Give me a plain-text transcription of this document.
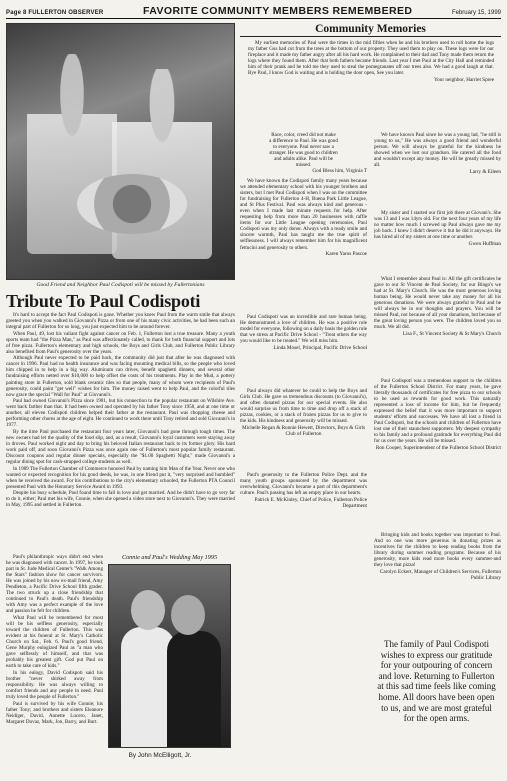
Page 8 FULLERTON OBSERVER	FAVORITE COMMUNITY MEMBERS REMEMBERED	February 15, 1999
Good Friend and Neighbor Paul Codispoti will be missed by Fullertonians
Tribute To Paul Codispoti

It's hard to accept the fact Paul Codispoti is gone. Whether you knew Paul from the warm smile that always greeted you when you walked in Giovanni's Pizza or from one of his many civic activities, he had been such an integral part of Fullerton for so long, you just expected him to be around forever.

When Paul, 49, lost his valiant fight against cancer on Feb. 1, Fullerton lost a true treasure. Many a youth sports team had "the Pizza Man," as Paul was affectionately called, to thank for both financial support and lots of free pizza. Fullerton's elementary and high schools, the Boys and Girls Club, and Fullerton Public Library also benefited from Paul's generosity over the years.

Although Paul never expected to be paid back, the community did just that after he was diagnosed with cancer in 1996. Paul had no health insurance and was facing mounting medical bills, so the people who loved him chipped in to help in a big way. Aluminum can drives, benefit spaghetti dinners, and several other fundraising efforts netted over $10,000 to help offset the costs of his treatments. Play in the Mud, a pottery painting store in Fullerton, sold blank ceramic tiles so that people, many of whom were recipients of Paul's generosity, could paint "get well" wishes for him. The money raised went to help Paul, and the colorful tiles now grace the special "Wall for Paul" at Giovanni's.

Paul had owned Giovanni's Pizza since 1981, but his connection to the popular restaurant on Wilshire Ave. went back farther than that. It had been owned and operated by his father Tony since 1958, and at one time or another, all eleven Codispoti children helped their father at the restaurant. Paul was chopping cheese and performing other chores at the age of eight. He continued to work there until Tony retired and sold Giovanni's in 1977.

By the time Paul purchased the restaurant four years later, Giovanni's had gone through tough times. The new owners had let the quality of the food slip, and, as a result, Giovanni's loyal customers were staying away in droves. Paul worked night and day to bring his beloved Italian restaurant back to its former glory. His hard work paid off, and soon Giovanni's Pizza was once again one of Fullerton's most popular family restaurant. Discount coupons and regular dinner specials, especially the "$1.00 Spaghetti Night," made Giovanni's a regular dining spot for cash-strapped college students as well.

In 1989 The Fullerton Chamber of Commerce honored Paul by naming him Man of the Year. Never one who wanted or expected recognition for his good deeds, he was, in one friend put it, "very surprised and humbled" when he received the award. For his contributions to the city's elementary schooled, the Fullerton PTA Council presented Paul with the Honorary Service Award in 1993.

Despite his busy schedule, Paul found time to fall in love and get married. And he didn't have to go very far to do it, either; Paul met his wife, Connie, when she opened a video store next to Giovanni's. They were married in May, 1995 and settled in Fullerton.

Paul's philanthropic ways didn't end when he was diagnosed with cancer. In 1997, he took part in St. Jude Medical Center's "Walk Among the Stars" fashion show for cancer survivors. He was joined by his now ex-mail friend, Amy Pendleton, a Pacific Drive School fifth grader. The two struck up a close friendship that continued to Paul's death. Paul's friendship with Amy was a perfect example of the love and passion he felt for children.

What Paul will be remembered for most will be his selfless generosity, especially toward the children of Fullerton. This was evident at his funeral at St. Mary's Catholic Church on Sat., Feb. 6. Paul's good friend, Gene Murphy eulogized Paul as "a man who gave selflessly of himself, and that was probably his greatest gift. God put Paul on earth to take care of kids."

In his eulogy, David Codispoti said his brother "never shirked away from responsibility. He was always willing to comfort friends and any people in need. Paul truly loved the people of Fullerton."

Paul is survived by his wife Connie; his father Tony; and brothers and sisters Eleanore Neidiger, David, Annette Lucero, Janet, Margaret Duvaz, Mark, Jon, Barry, and Burt.

By John McElligott, Jr.
Connie and Paul's Wedding May 1995
Community Memories

My earliest memories of Paul were the times in the mid fifties when he and his brothers used to roll home the logs my father Gus had cut from the trees at the bottom of our property. They used them to play on. These logs were for our fireplace and it made my father angry after all his hard work. He complained to their dad and Tony made them return the logs where they found them. After that both fathers became friends. Last year I met Paul at the City Hall and reminded him of their prank and he told me they used to steal the pomegranates off our trees also. We had a good laugh at that. Bye Paul, I know God is waiting and is holding the door open, See you later.

Your neighbor, Harriet Spree
Race, color, creed did not make
a difference to Paul. He was good
to everyone. Paul never saw a
stranger. He was good to children
and adults alike. Paul will be
missed.
God Bless him, Virginia T

We have known the Codispoti family many years because we attended elementary school with his younger brothers and sisters, but I met Paul Codispoti when I was on the committee for fundraising for Fullerton 4-H, Buena Park Little League, and St Plus Festival. Paul was always kind and generous - even when I made last minute requests for help. After requesting help from more than 20 businesses with raffle items for our Little League opening ceremonies, Paul Codispoti was my only donor. Always with a ready smile and sincere warmth, Paul has taught me the true spirit of selflessness. I will always remember him for his magnificent fettucini and generosity to others.

Karen Yaros Pascoe

Paul Codispoti was an incredible and rare human being. He demonstrated a love of children. He was a positive role model for everyone, following on a daily basis the golden rule that we stress at Pacific Drive School - "Treat others the way you would like to be treated." We will miss him.

Linda Mosel, Principal, Pacific Drive School

Paul always did whatever he could to help the Boys and Girls Club. He gave us tremendous discounts (to Giovanni's), and often donated pizzas for our special events. He also would surprise us from time to time and drop off a stack of pizzas, cookies, or a stack of frozen pizzas for us to give to the kids. His kindness and generosity will be missed.

Michelle Regan & Ronnie Hewett, Directors, Boys & Girls Club of Fullerton

Paul's generosity to the Fullerton Police Dept. and the many youth groups sponsored by the department was overwhelming. Giovanni's became a part of this department's culture. Paul's passing has left an empty place in our hearts.

Patrick E. McKinley, Chief of Police, Fullerton Police Department

We have known Paul since he was a young lad, "he still is young to us," He was always a good friend and wonderful person. We will always be grateful for the kindness he showed when we lost our grandson. He catered all the food and wouldn't except any money. He will be greatly missed by all.

Larry & Eileen

My sister and I started our first job there at Giovani's. She was 13 and I was 14yrs old. For the next four years of my life no matter how much I screwed up Paul always gave me my job back. I knew I didn't deserve it but he did it anyways. He has hired all of my sisters at one time or another.

Gwen Huffman

What I remember about Paul is: All the gift certificates he gave to our St Vincent de Paul Society, for our Bingo's we had at St. Mary's Church. He was the most generous loving human being. He would never take any money for all his generous donations. We were always grateful to Paul and he will always be in our thoughts and prayers. You will be missed Paul, not because of all your donations, but because of the great loving person you were. The children loved you so much. We all did.

Lisa F., St Vincent Society & St Mary's Church

Paul Codispoti was a tremendous support to the children of the Fullerton School District. For many years, he gave literally thousands of certificates for free pizza to our schools to be used as rewards for good work. This naturally represented a loss of income for him, but he frequently expressed the belief that it was more important to support students' efforts and successes. We have all lost a friend in Paul Codispoti, but the schools and children of Fullerton have lost one of their staunchest supporters. My deepest sympathy to his family and a profound gratitude for everything Paul did for us over the years. He will be missed.

Ron Cooper, Superintendent of the Fullerton School District

Bringing kids and books together was important to Paul. And so one was more generous in donating prizes as incentives for the children to keep reading books from the library during summer reading programs. Because of his generosity, more kids read more books every summer-and they love that pizza!

Carolyn Eckert, Manager of Children's Services, Fullerton Public Library
The family of Paul Codispoti wishes to express our gratitude for your outpouring of concern and love. Returning to Fullerton at this sad time feels like coming home. All doors have been open to us, and we are most grateful for the open arms.
